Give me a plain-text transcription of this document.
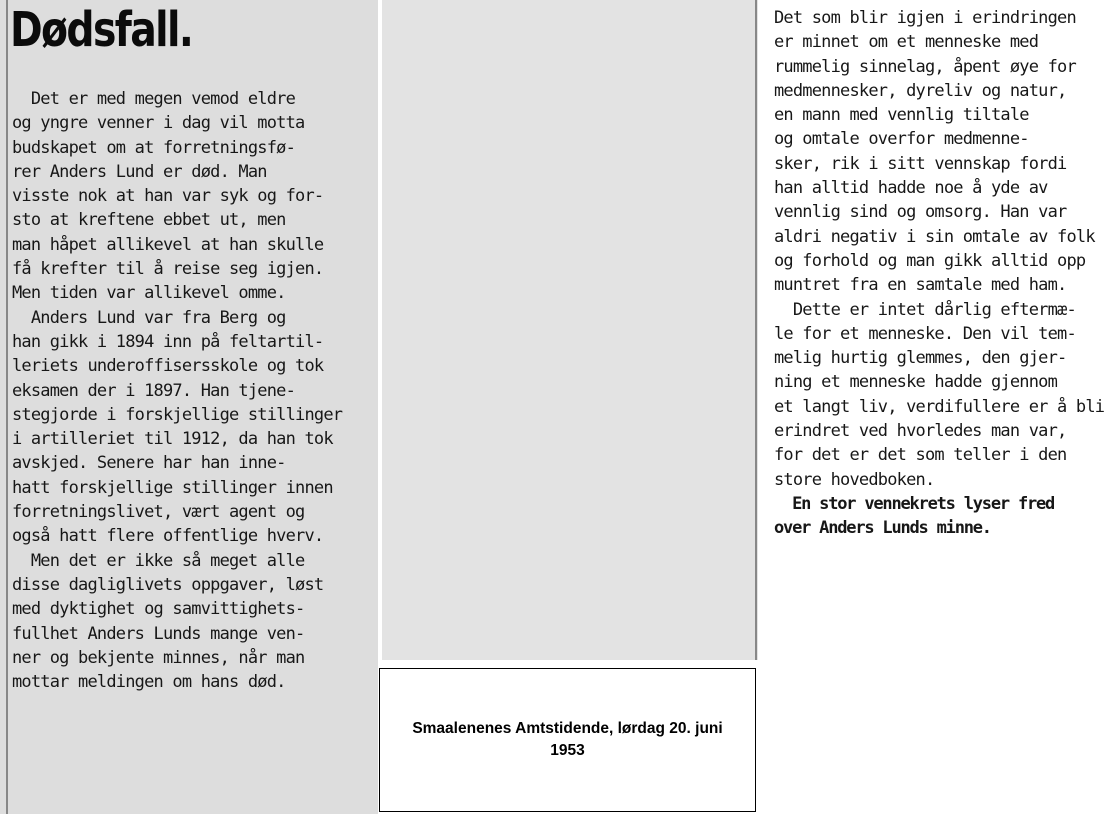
Dødsfall.
Det er med megen vemod eldre
og yngre venner i dag vil motta
budskapet om at forretningsfø-
rer Anders Lund er død. Man
visste nok at han var syk og for-
sto at kreftene ebbet ut, men
man håpet allikevel at han skulle
få krefter til å reise seg igjen.
Men tiden var allikevel omme.
Anders Lund var fra Berg og
han gikk i 1894 inn på feltartil-
leriets underoffisersskole og tok
eksamen der i 1897. Han tjene-
stegjorde i forskjellige stillinger
i artilleriet til 1912, da han tok
avskjed. Senere har han inne-
hatt forskjellige stillinger innen
forretningslivet, vært agent og
også hatt flere offentlige hverv.
Men det er ikke så meget alle
disse dagliglivets oppgaver, løst
med dyktighet og samvittighets-
fullhet Anders Lunds mange ven-
ner og bekjente minnes, når man
mottar meldingen om hans død.
Det som blir igjen i erindringen
er minnet om et menneske med
rummelig sinnelag, åpent øye for
medmennesker, dyreliv og natur,
en mann med vennlig tiltale
og omtale overfor medmenne-
sker, rik i sitt vennskap fordi
han alltid hadde noe å yde av
vennlig sind og omsorg. Han var
aldri negativ i sin omtale av folk
og forhold og man gikk alltid opp
muntret fra en samtale med ham.
Dette er intet dårlig eftermæ-
le for et menneske. Den vil tem-
melig hurtig glemmes, den gjer-
ning et menneske hadde gjennom
et langt liv, verdifullere er å bli
erindret ved hvorledes man var,
for det er det som teller i den
store hovedboken.
En stor vennekrets lyser fred
over Anders Lunds minne.
Smaalenenes Amtstidende, lørdag 20. juni 1953
